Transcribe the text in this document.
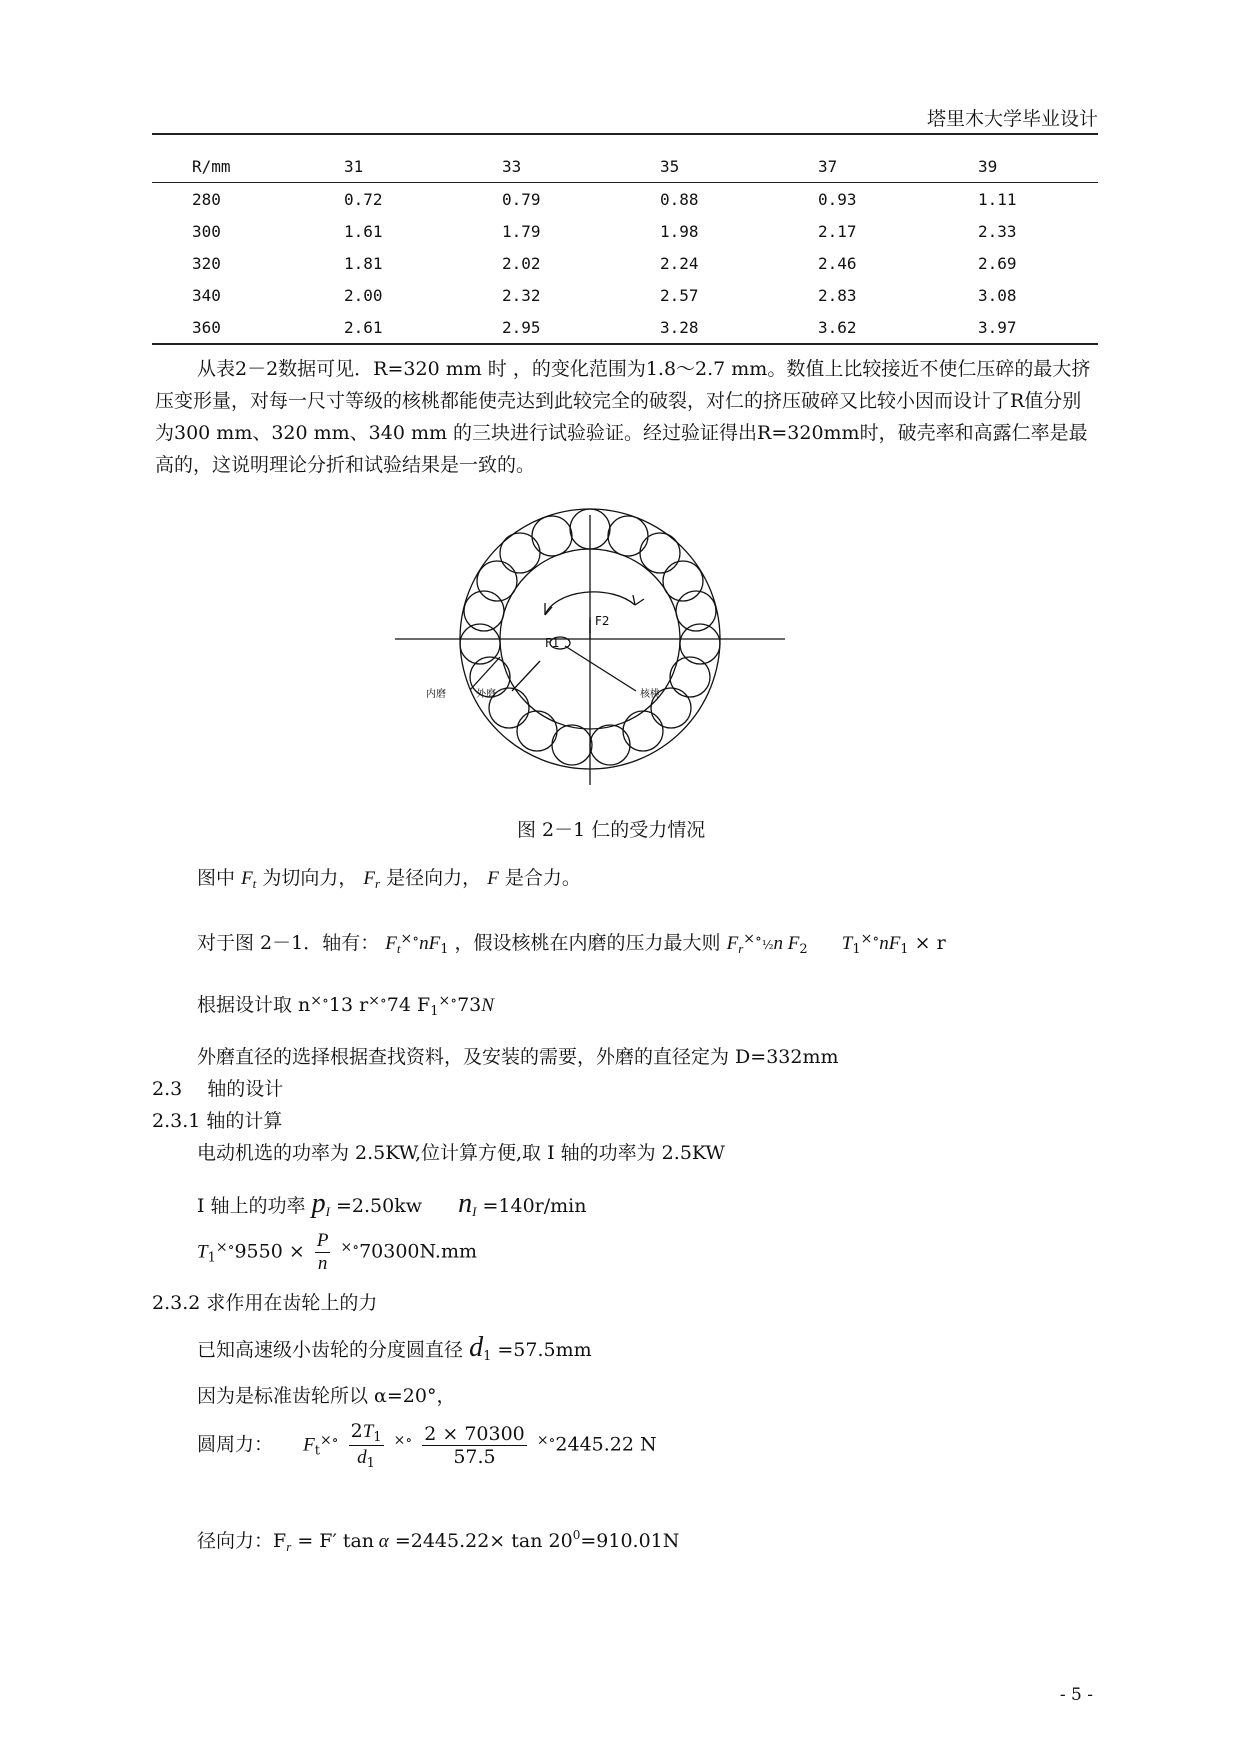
塔里木大学毕业设计
R/mm	31	33	35	37	39
280	0.72	0.79	0.88	0.93	1.11
300	1.61	1.79	1.98	2.17	2.33
320	1.81	2.02	2.24	2.46	2.69
340	2.00	2.32	2.57	2.83	3.08
360	2.61	2.95	3.28	3.62	3.97
从表2－2数据可见．R=320 mm 时 ，的变化范围为1.8～2.7 mm。数值上比较接近不使仁压碎的最大挤压变形量，对每一尺寸等级的核桃都能使壳达到此较完全的破裂，对仁的挤压破碎又比较小因而设计了R值分别为300 mm、320 mm、340 mm 的三块进行试验验证。经过验证得出R=320mm时，破壳率和高露仁率是最高的，这说明理论分折和试验结果是一致的。
F2
F1
内磨	外磨	核桃
图 2－1 仁的受力情况
图中 $F_t$ 为切向力， $F_r$ 是径向力， F 是合力。
对于图 2－1．轴有： $F_t^{\times\circ}nF_1$ ，假设核桃在内磨的压力最大则 $F_r^{\times\circ}\frac{1}{2}n$ $F_2$ $T_1^{\times\circ}nF_1 \times r$
根据设计取 n×∘13 r×∘74 $F_1^{\times\circ}73N$
外磨直径的选择根据查找资料，及安装的需要，外磨的直径定为 D=332mm
2.3　 轴的设计
2.3.1 轴的计算
电动机选的功率为 2.5KW,位计算方便,取 I 轴的功率为 2.5KW
I 轴上的功率 $p_I =2.50kw$ $n_I =140r/\min$
$T_1^{\times\circ}9550 \times \frac{P}{n} ^{\times\circ}70300N.mm$
2.3.2 求作用在齿轮上的力
已知高速级小齿轮的分度圆直径 $d_1 =57.5mm$
因为是标准齿轮所以 α=20°，
圆周力： $F_t^{\times\circ} \frac{2T_1}{d_1} ^{\times\circ} \frac{2 \times 70300}{57.5} ^{\times\circ}2445.22$ N
径向力：$F_r = F'$ $\tan \alpha =2445.22\times \tan 20^0=910.01N$
- 5 -
